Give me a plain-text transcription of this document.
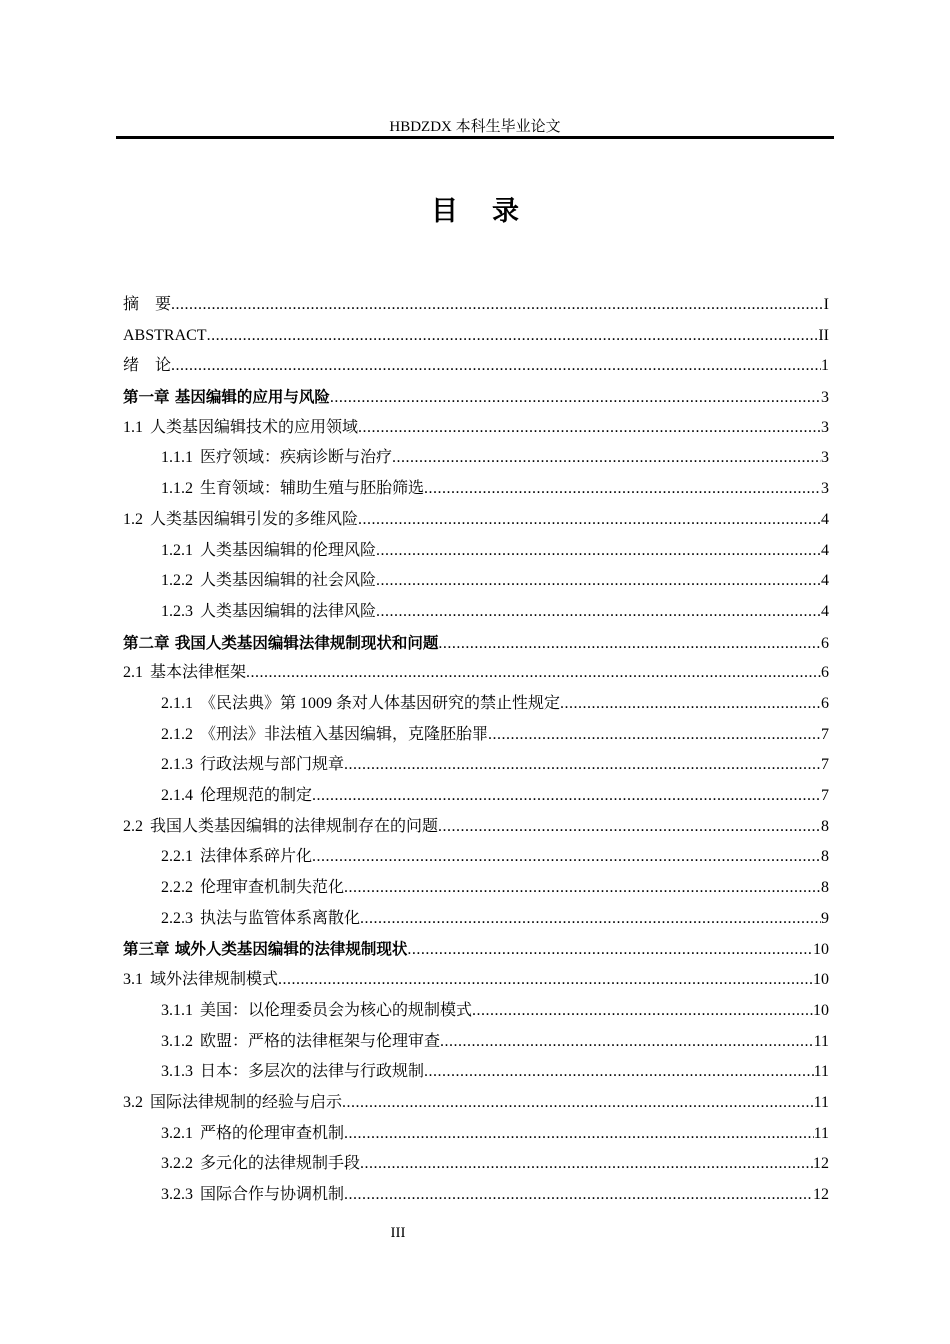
HBDZDX 本科生毕业论文
目录
摘　要 .....	I
ABSTRACT .....	II
绪　论 .....	1
第一章 基因编辑的应用与风险 .....	3
1.1 人类基因编辑技术的应用领域 .....	3
1.1.1 医疗领域：疾病诊断与治疗 .....	3
1.1.2 生育领域：辅助生殖与胚胎筛选 .....	3
1.2 人类基因编辑引发的多维风险 .....	4
1.2.1 人类基因编辑的伦理风险 .....	4
1.2.2 人类基因编辑的社会风险 .....	4
1.2.3 人类基因编辑的法律风险 .....	4
第二章 我国人类基因编辑法律规制现状和问题 .....	6
2.1 基本法律框架 .....	6
2.1.1 《民法典》第 1009 条对人体基因研究的禁止性规定 .....	6
2.1.2 《刑法》非法植入基因编辑，克隆胚胎罪 .....	7
2.1.3 行政法规与部门规章 .....	7
2.1.4 伦理规范的制定 .....	7
2.2 我国人类基因编辑的法律规制存在的问题 .....	8
2.2.1 法律体系碎片化 .....	8
2.2.2 伦理审查机制失范化 .....	8
2.2.3 执法与监管体系离散化 .....	9
第三章 域外人类基因编辑的法律规制现状 .....	10
3.1 域外法律规制模式 .....	10
3.1.1 美国：以伦理委员会为核心的规制模式 .....	10
3.1.2 欧盟：严格的法律框架与伦理审查 .....	11
3.1.3 日本：多层次的法律与行政规制 .....	11
3.2 国际法律规制的经验与启示 .....	11
3.2.1 严格的伦理审查机制 .....	11
3.2.2 多元化的法律规制手段 .....	12
3.2.3 国际合作与协调机制 .....	12
III
